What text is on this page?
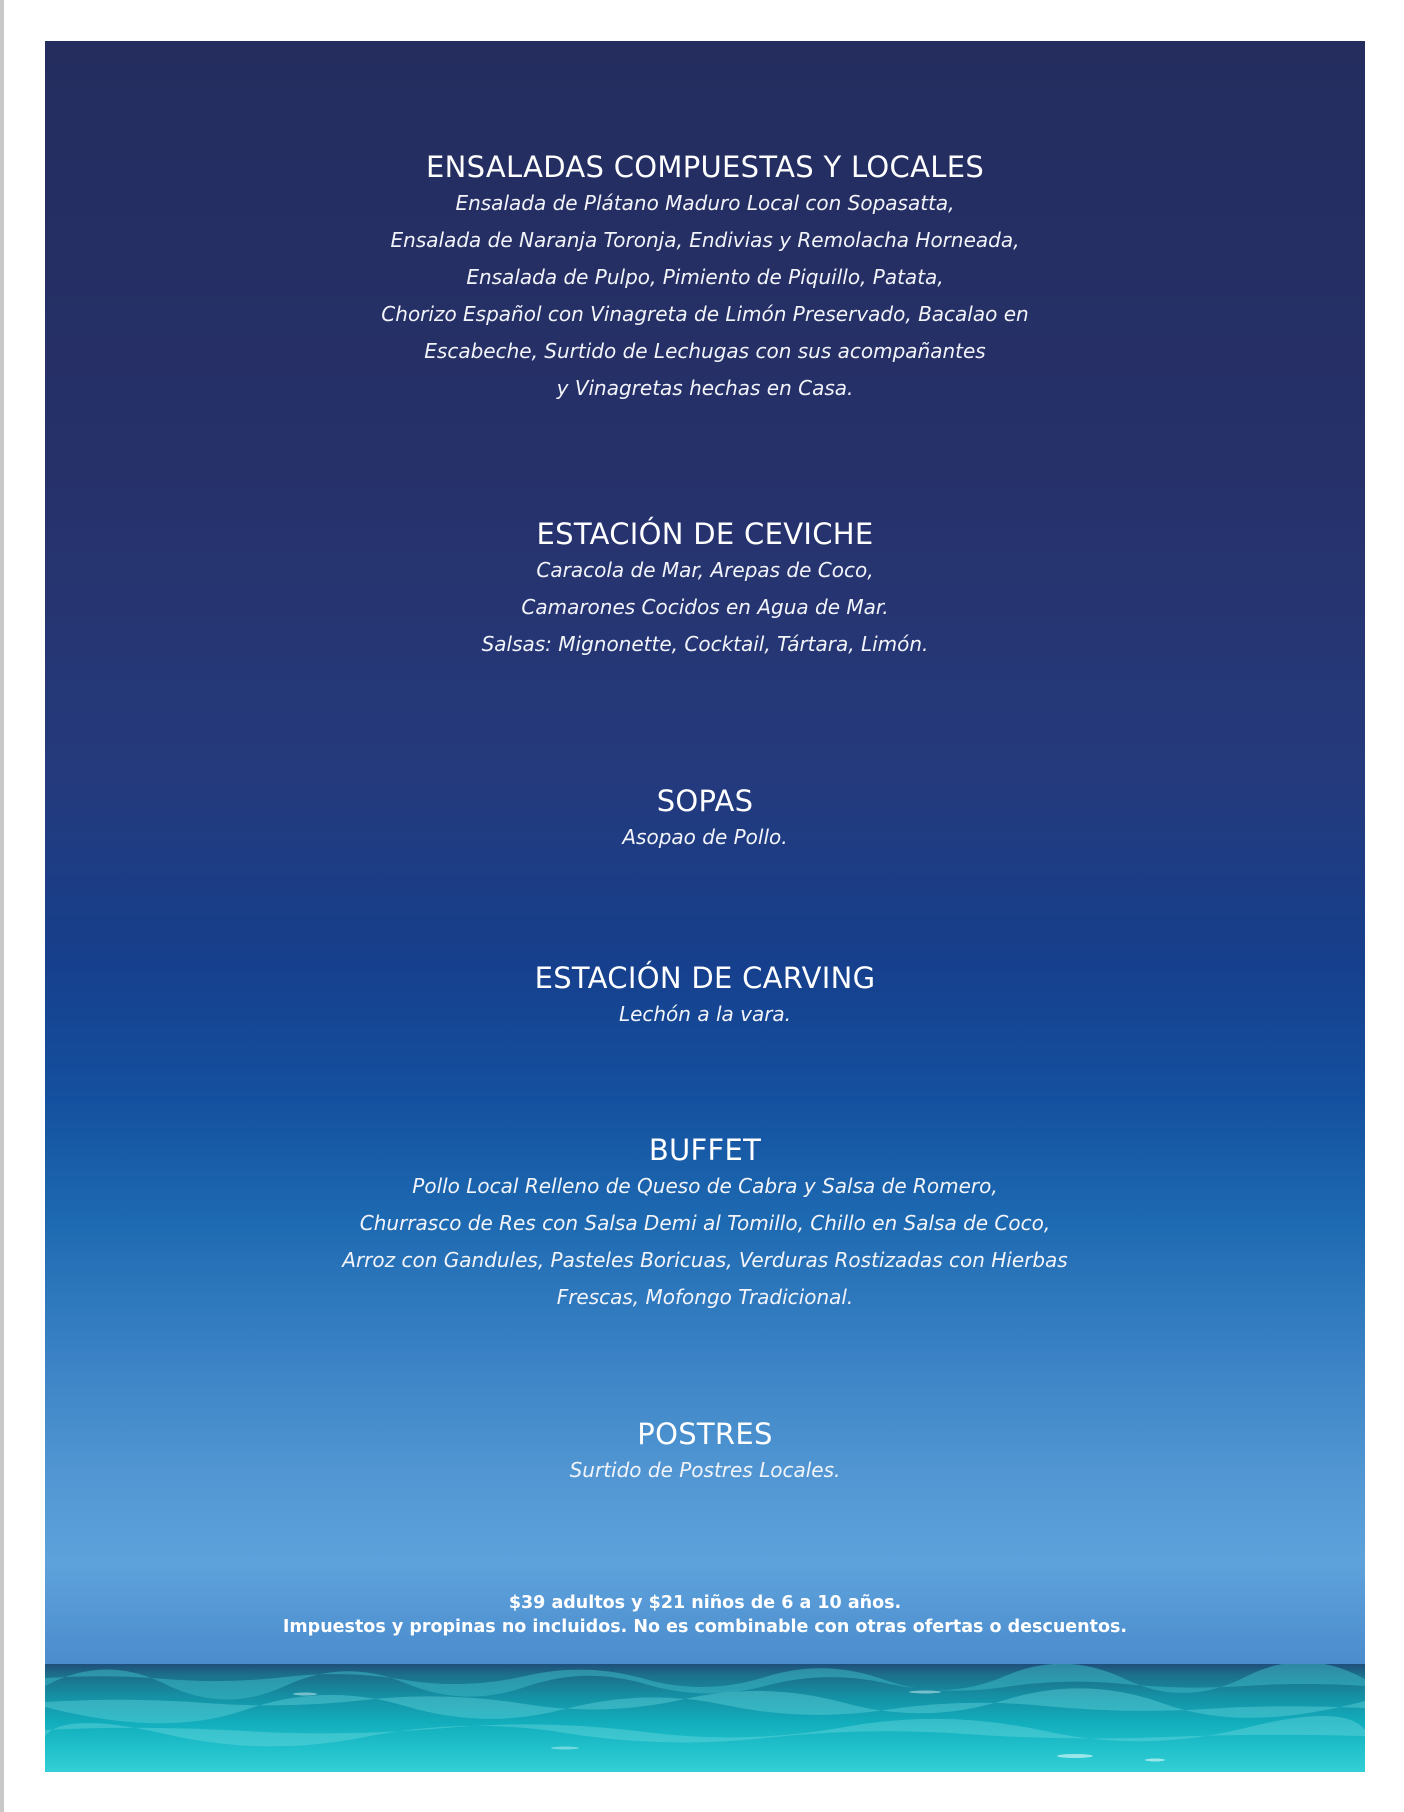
ENSALADAS COMPUESTAS Y LOCALES
Ensalada de Plátano Maduro Local con Sopasatta,
Ensalada de Naranja Toronja, Endivias y Remolacha Horneada,
Ensalada de Pulpo, Pimiento de Piquillo, Patata,
Chorizo Español con Vinagreta de Limón Preservado, Bacalao en
Escabeche, Surtido de Lechugas con sus acompañantes
y Vinagretas hechas en Casa.
ESTACIÓN DE CEVICHE
Caracola de Mar, Arepas de Coco,
Camarones Cocidos en Agua de Mar.
Salsas: Mignonette, Cocktail, Tártara, Limón.
SOPAS
Asopao de Pollo.
ESTACIÓN DE CARVING
Lechón a la vara.
BUFFET
Pollo Local Relleno de Queso de Cabra y Salsa de Romero,
Churrasco de Res con Salsa Demi al Tomillo, Chillo en Salsa de Coco,
Arroz con Gandules, Pasteles Boricuas, Verduras Rostizadas con Hierbas
Frescas, Mofongo Tradicional.
POSTRES
Surtido de Postres Locales.
$39 adultos y $21 niños de 6 a 10 años.
Impuestos y propinas no incluidos. No es combinable con otras ofertas o descuentos.
